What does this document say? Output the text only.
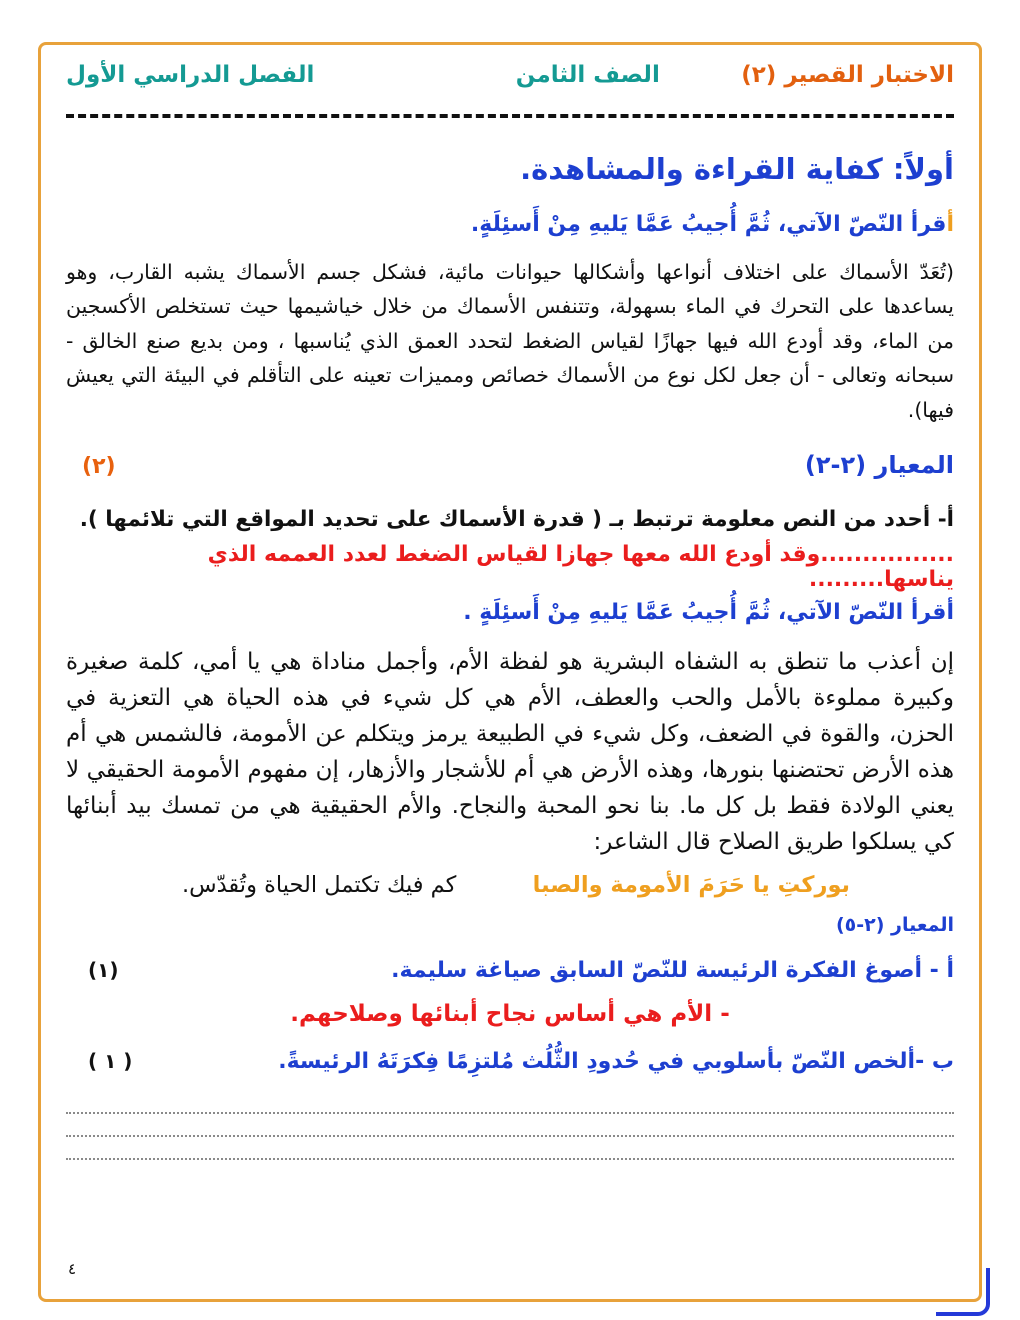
الاختبار القصير (٢)
الصف الثامن
الفصل الدراسي الأول
أولاً: كفاية القراءة والمشاهدة.
أقرأ النّصّ الآتي، ثُمَّ أُجيبُ عَمَّا يَليهِ مِنْ أَسئِلَةٍ.
(تُعَدّ الأسماك على اختلاف أنواعها وأشكالها حيوانات مائية، فشكل جسم الأسماك يشبه القارب، وهو يساعدها على التحرك في الماء بسهولة، وتتنفس الأسماك من خلال خياشيمها حيث تستخلص الأكسجين من الماء، وقد أودع الله فيها جهازًا لقياس الضغط لتحدد العمق الذي يُناسبها ، ومن بديع صنع الخالق - سبحانه وتعالى - أن جعل لكل نوع من الأسماك خصائص ومميزات تعينه على التأقلم في البيئة التي يعيش فيها).
المعيار (٢-٢)
(٢)
أ- أحدد من النص معلومة ترتبط بـ ( قدرة الأسماك على تحديد المواقع التي تلائمها ).
................وقد أودع الله معها جهازا لقياس الضغط لعدد العممه الذي يناسها.........
أقرأ النّصّ الآتي، ثُمَّ أُجيبُ عَمَّا يَليهِ مِنْ أَسئِلَةٍ .
إن أعذب ما تنطق به الشفاه البشرية هو لفظة الأم، وأجمل مناداة هي يا أمي، كلمة صغيرة وكبيرة مملوءة بالأمل والحب والعطف، الأم هي كل شيء في هذه الحياة هي التعزية في الحزن، والقوة في الضعف، وكل شيء في الطبيعة يرمز ويتكلم عن الأمومة، فالشمس هي أم هذه الأرض تحتضنها بنورها، وهذه الأرض هي أم للأشجار والأزهار، إن مفهوم الأمومة الحقيقي لا يعني الولادة فقط بل كل ما. بنا نحو المحبة والنجاح. والأم الحقيقية هي من تمسك بيد أبنائها كي يسلكوا طريق الصلاح قال الشاعر:
بوركتِ يا حَرَمَ الأمومة والصبا
كم فيك تكتمل الحياة وتُقدّس.
المعيار (٢-٥)
أ - أصوغ الفكرة الرئيسة للنّصّ السابق صياغة سليمة.
(١)
- الأم هي أساس نجاح أبنائها وصلاحهم.
ب -ألخص النّصّ بأسلوبي في حُدودِ الثُّلُث مُلتزِمًا فِكرَتَهُ الرئيسةً.
( ١ )
٤
